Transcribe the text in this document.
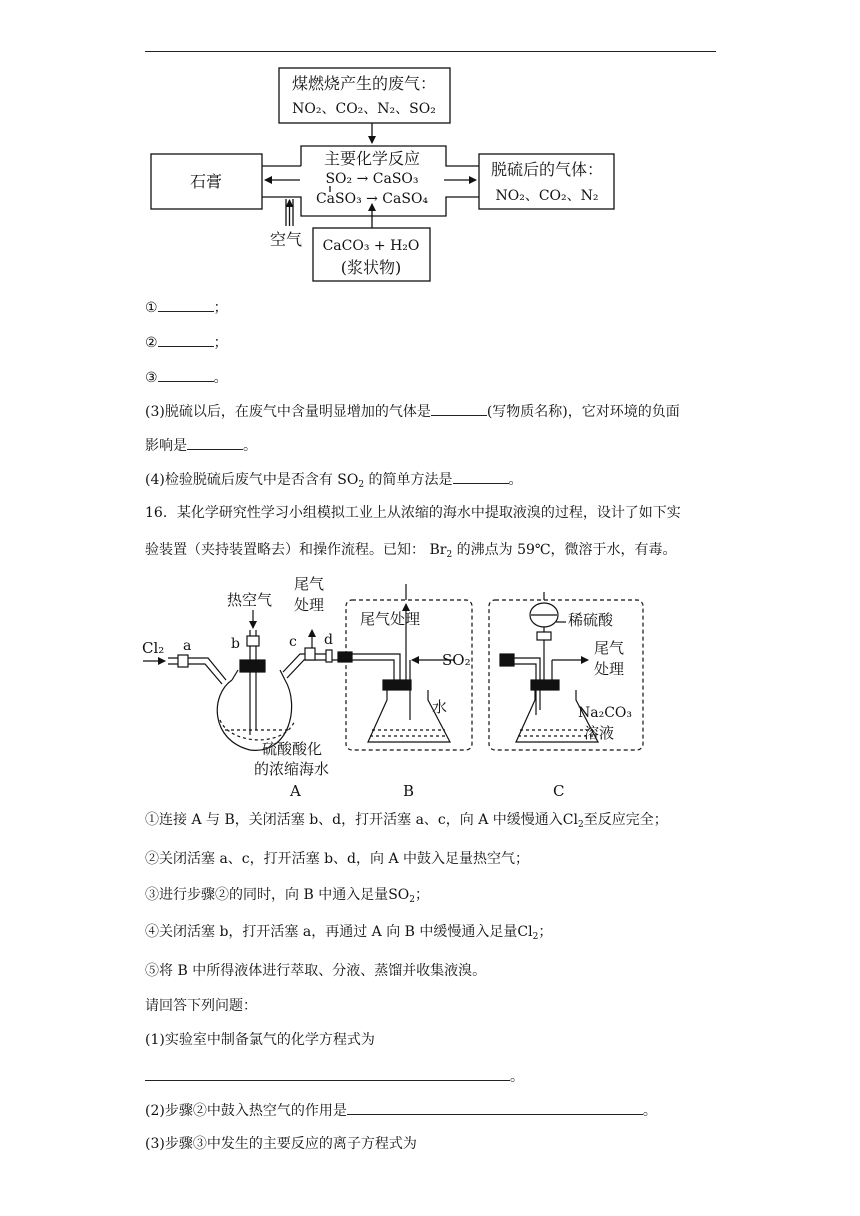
煤燃烧产生的废气：
NO₂、CO₂、N₂、SO₂
主要化学反应
SO₂ → CaSO₃
CaSO₃ → CaSO₄
石膏
脱硫后的气体：
NO₂、CO₂、N₂
空气 CaCO₃ + H₂O
(浆状物)
①	；
②	；
③	。
(3)脱硫以后，在废气中含量明显增加的气体是	(写物质名称)，它对环境的负面
影响是	。
(4)检验脱硫后废气中是否含有 $SO_2$ 的简单方法是	。
16．某化学研究性学习小组模拟工业上从浓缩的海水中提取液溴的过程，设计了如下实
验装置（夹持装置略去）和操作流程。已知： $Br_2$ 的沸点为 59℃，微溶于水，有毒。
Cl₂ a	b	c d
热空气
尾气
处理
尾气处理
SO₂
水
稀硫酸
尾气
处理
Na₂CO₃
溶液
硫酸酸化
的浓缩海水
A	B	C
①连接 A 与 B，关闭活塞 b、d，打开活塞 a、c，向 A 中缓慢通入$Cl_2$至反应完全；
②关闭活塞 a、c，打开活塞 b、d，向 A 中鼓入足量热空气；
③进行步骤②的同时，向 B 中通入足量$SO_2$；
④关闭活塞 b，打开活塞 a，再通过 A 向 B 中缓慢通入足量$Cl_2$；
⑤将 B 中所得液体进行萃取、分液、蒸馏并收集液溴。
请回答下列问题：
(1)实验室中制备氯气的化学方程式为
。
(2)步骤②中鼓入热空气的作用是	。
(3)步骤③中发生的主要反应的离子方程式为
